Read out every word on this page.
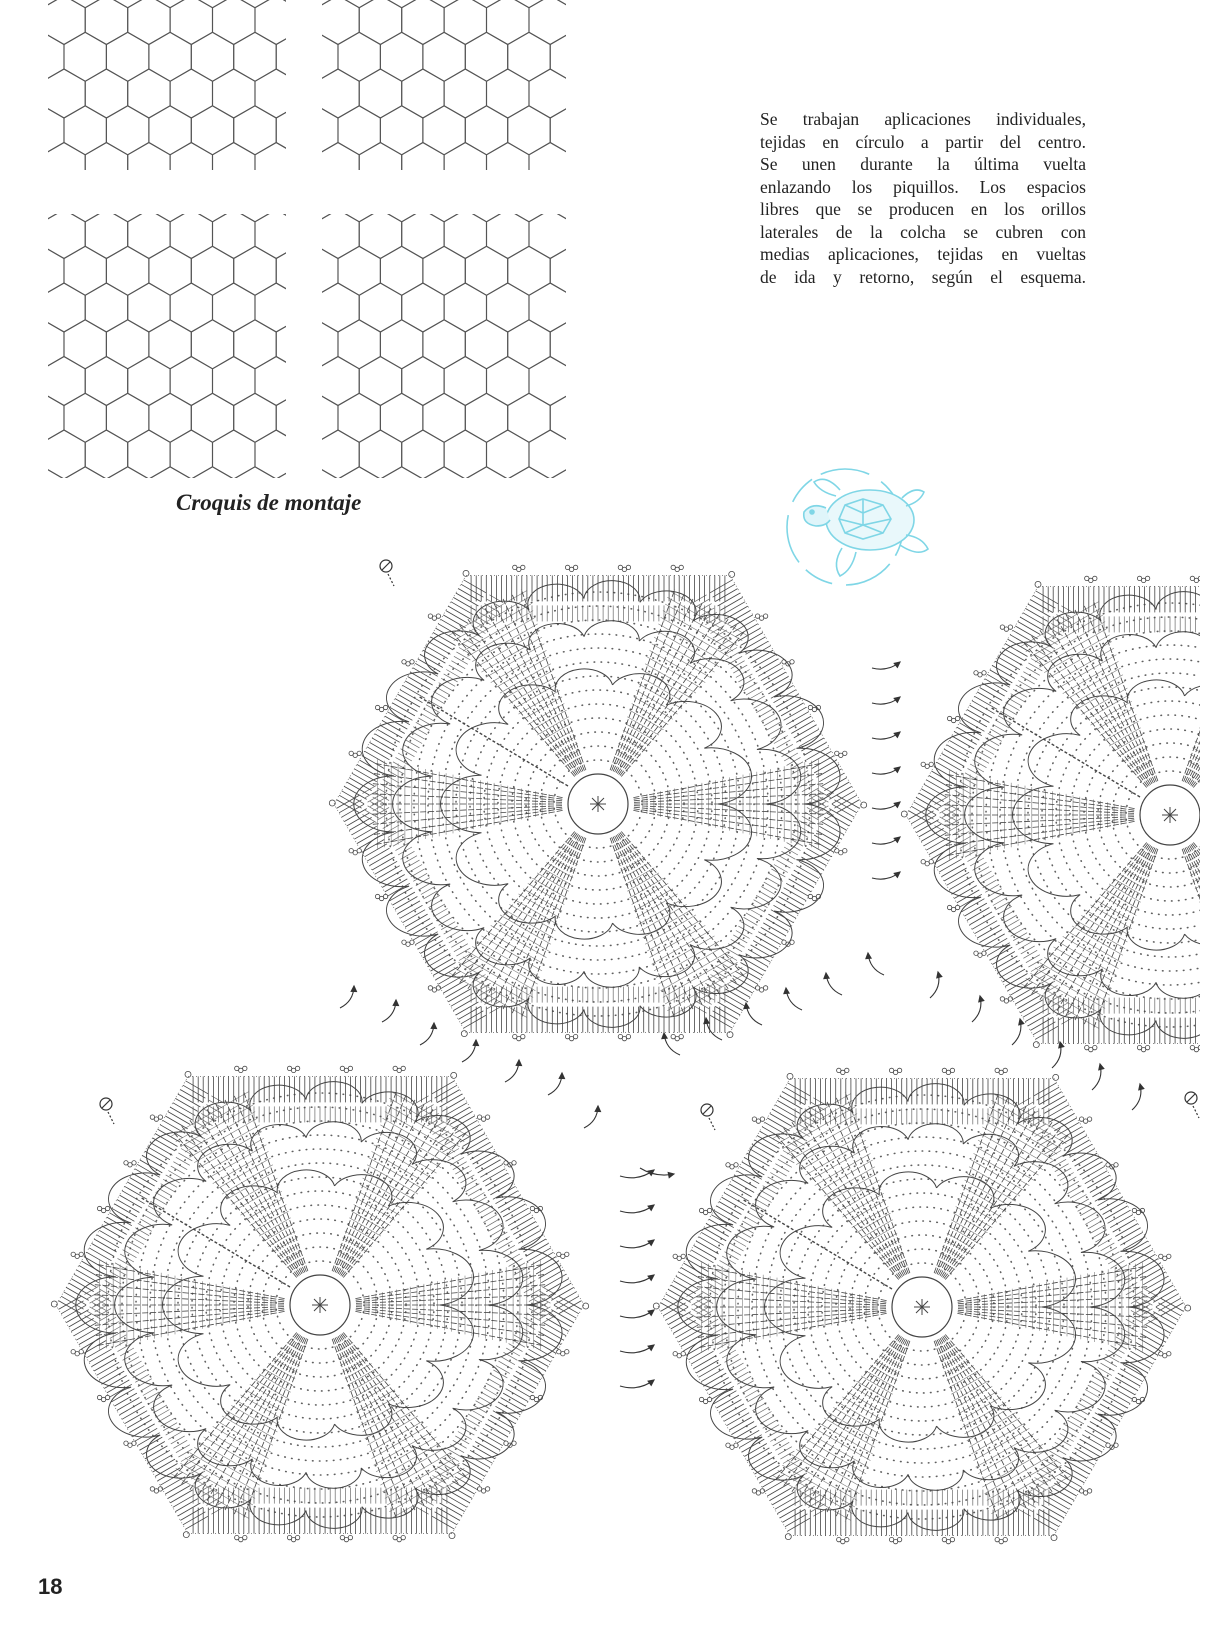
Se trabajan aplicaciones individuales,
tejidas en círculo a partir del centro.
Se unen durante la última vuelta
enlazando los piquillos. Los espacios
libres que se producen en los orillos
laterales de la colcha se cubren con
medias aplicaciones, tejidas en vueltas
de ida y retorno, según el esquema.
Croquis de montaje
18
